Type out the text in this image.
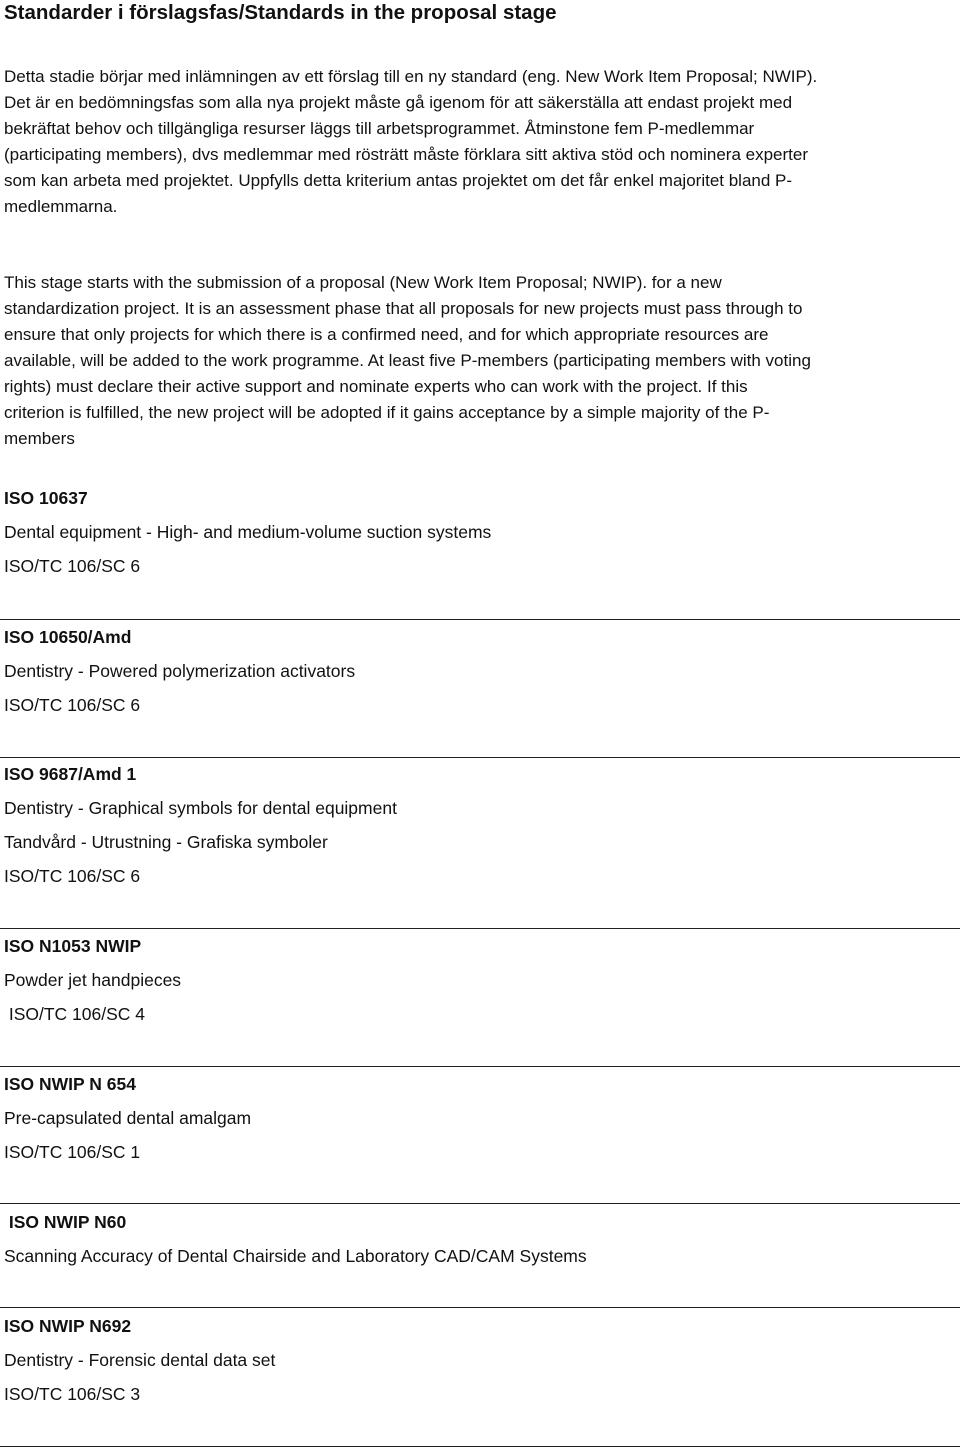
Standarder i förslagsfas/Standards in the proposal stage

Detta stadie börjar med inlämningen av ett förslag till en ny standard (eng. New Work Item Proposal; NWIP).

Det är en bedömningsfas som alla nya projekt måste gå igenom för att säkerställa att endast projekt med

bekräftat behov och tillgängliga resurser läggs till arbetsprogrammet. Åtminstone fem P-medlemmar

(participating members), dvs medlemmar med rösträtt måste förklara sitt aktiva stöd och nominera experter

som kan arbeta med projektet. Uppfylls detta kriterium antas projektet om det får enkel majoritet bland P-

medlemmarna.

This stage starts with the submission of a proposal (New Work Item Proposal; NWIP). for a new

standardization project. It is an assessment phase that all proposals for new projects must pass through to

ensure that only projects for which there is a confirmed need, and for which appropriate resources are

available, will be added to the work programme. At least five P-members (participating members with voting

rights) must declare their active support and nominate experts who can work with the project. If this

criterion is fulfilled, the new project will be adopted if it gains acceptance by a simple majority of the P-

members

ISO 10637
Dental equipment - High- and medium-volume suction systems
ISO/TC 106/SC 6
ISO 10650/Amd
Dentistry - Powered polymerization activators
ISO/TC 106/SC 6
ISO 9687/Amd 1
Dentistry - Graphical symbols for dental equipment
Tandvård - Utrustning - Grafiska symboler
ISO/TC 106/SC 6
ISO N1053 NWIP
Powder jet handpieces
ISO/TC 106/SC 4
ISO NWIP N 654
Pre-capsulated dental amalgam
ISO/TC 106/SC 1
ISO NWIP N60
Scanning Accuracy of Dental Chairside and Laboratory CAD/CAM Systems
ISO NWIP N692
Dentistry - Forensic dental data set
ISO/TC 106/SC 3
